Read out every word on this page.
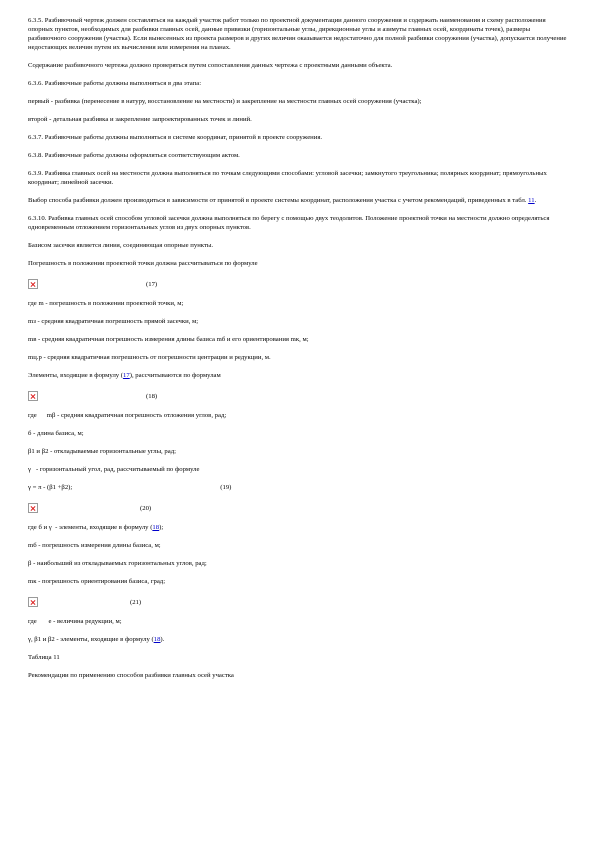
6.3.5. Разбивочный чертеж должен составляться на каждый участок работ только по проектной документации данного сооружения и содержать наименования и схему расположения опорных пунктов, необходимых для разбивки главных осей, данные привязки (горизонтальные углы, дирекционные углы и азимуты главных осей, координаты точек), размеры разбивочного сооружения (участка). Если вынесенных из проекта размеров и других величин оказывается недостаточно для полной разбивки сооружения (участка), допускается получение недостающих величин путем их вычисления или измерения на планах.

Содержание разбивочного чертежа должно проверяться путем сопоставления данных чертежа с проектными данными объекта.

6.3.6. Разбивочные работы должны выполняться в два этапа:

первый - разбивка (перенесение в натуру, восстановление на местности) и закрепление на местности главных осей сооружения (участка);

второй - детальная разбивка и закрепление запроектированных точек и линий.

6.3.7. Разбивочные работы должны выполняться в системе координат, принятой в проекте сооружения.

6.3.8. Разбивочные работы должны оформляться соответствующим актом.

6.3.9. Разбивка главных осей на местности должна выполняться по точкам следующими способами: угловой засечки; замкнутого треугольника; полярных координат; прямоугольных координат; линейной засечки.

Выбор способа разбивки должен производиться в зависимости от принятой в проекте системы координат, расположения участка с учетом рекомендаций, приведенных в табл. 11.

6.3.10. Разбивка главных осей способом угловой засечки должна выполняться по берегу с помощью двух теодолитов. Положение проектной точки на местности должно определяться одновременным отложением горизонтальных углов из двух опорных пунктов.

Базисом засечки является линия, соединяющая опорные пункты.

Погрешность в положении проектной точки должна рассчитываться по формуле

(17)

где m - погрешность в положении проектной точки, м;

mз - средняя квадратичная погрешность прямой засечки, м;

mв - средняя квадратичная погрешность измерения длины базиса mб и его ориентирования mк, м;

mц.р - средняя квадратичная погрешность от погрешности центрации и редукции, м.

Элементы, входящие в формулу (17), рассчитываются по формулам

(18)

где      mβ - средняя квадратичная погрешность отложения углов, рад;

б - длина базиса, м;

β1 и β2 - откладываемые горизонтальные углы, рад;

γ   - горизонтальный угол, рад, рассчитываемый по формуле

γ = π - (β1 +β2);	(19)
(20)

где б и γ  - элементы, входящие в формулу (18);

mб - погрешность измерения длины базиса, м;

β - наибольший из откладываемых горизонтальных углов, рад;

mк - погрешность ориентирования базиса, град;

(21)

где       e - величина редукции, м;

γ, β1 и β2 - элементы, входящие в формулу (18).

Таблица 11

Рекомендации по применению способов разбивки главных осей участка
